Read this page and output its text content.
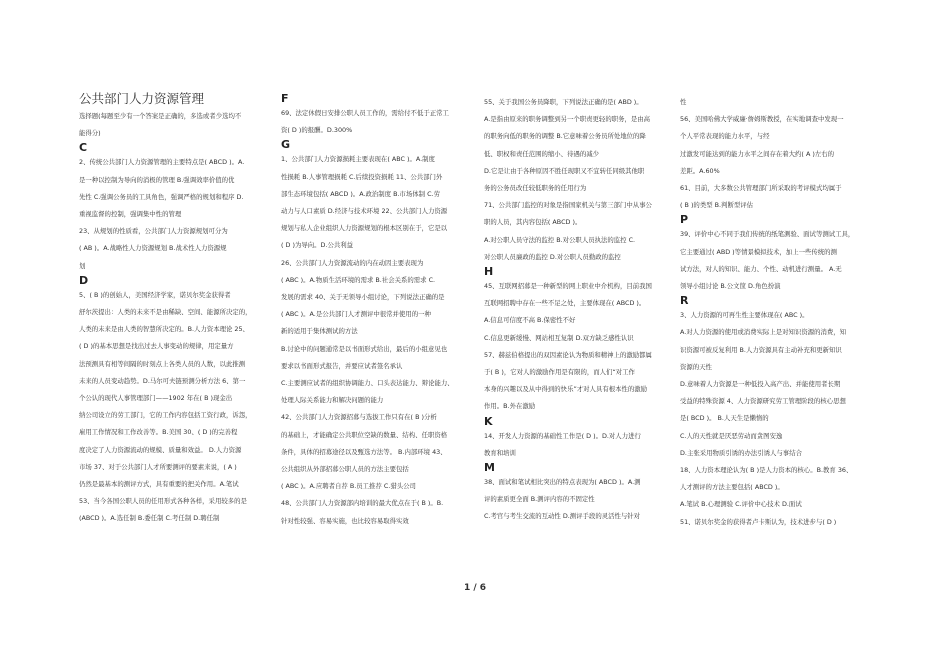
公共部门人力资源管理

选择题(每题至少有一个答案是正确的，多选或者少选均不

能得分)

C

2、传统公共部门人力资源管理的主要特点是( ABCD )。A.

是一种以控制为导向的消极的管理 B.强调效率价值的优

先性 C.强调公务员的工具角色，强调严格的规划和程序 D.

重视监督的控制，强调集中性的管理

23、从规划的性质看，公共部门人力资源规划可分为

( AB )。A.战略性人力资源规划 B.战术性人力资源规

划

D

5、( B )的创始人，美国经济学家，诺贝尔奖金获得者

舒尔茨提出：人类的未来不是由稀缺、空间、能源所决定的，

人类的未来是由人类的智慧所决定的。B.人力资本理论 25、

( D )的基本思想是找出过去人事变动的规律，用定量方

法预测具有相等间隔的时刻点上各类人员的人数，以此推测

未来的人员变动趋势。D.马尔可夫链预测分析方法 6、第一

个公认的现代人事管理部门——1902 年在( B )现金出

纳公司设立的劳工部门，它的工作内容包括工资行政，诉怨，

雇用工作情况和工作改善等。B.美国 30、( D )的完善程

度决定了人力资源流动的规模、质量和效益。 D.人力资源

市场 37、对于公共部门人才所要测评的要素来说，( A )

仍然是最基本的测评方式，具有重要的把关作用。A.笔试

53、当今各国公职人员的任用形式各种各样，采用较多的是

(ABCD )。A.选任制 B.委任制 C.考任制 D.聘任制

F

69、法定休假日安排公职人员工作的，需给付不低于正常工

资( D )的报酬。D.300%

G

1、公共部门人力资源损耗主要表现在( ABC )。A.制度

性损耗 B.人事管理损耗 C.后续投资损耗 11、公共部门外

部生态环境包括( ABCD )。A.政治制度 B.市场体制 C.劳

动力与人口素质 D.经济与技术环境 22、公共部门人力资源

规划与私人企业组织人力资源规划的根本区别在于，它是以

( D )为导向。D.公共利益

26、公共部门人力资源流动的内在动因主要表现为

( ABC )。A.物质生活环境的需求 B.社会关系的需求 C.

发展的需求 40、关于无领导小组讨论，下列说法正确的是

( ABC )。A.是公共部门人才测评中很常并使用的一种

新的适用于集体测试的方法

B.讨论中的问题通常是以书面形式给出，最后的小组意见也

要求以书面形式报告，并要应试者签名承认

C.主要测应试者的组织协调能力、口头表达能力、辩论能力、

处理人际关系能力和解决问题的能力

42、公共部门人力资源招募与选拔工作只有在( B )分析

的基础上，才能确定公共职位空缺的数量、结构、任职资格

条件，具体的招募途径以及甄选方法等。 B.内部环境 43、

公共组织从外部招募公职人员的方法主要包括

( ABC )。A.应聘者自荐 B.员工推荐 C.猎头公司

48、公共部门人力资源部内培训的最大优点在于( B )。B.

针对性较强、容易实施，也比较容易取得实效

55、关于我国公务员降职，下列说法正确的是( ABD )。

A.是指由原来的职务调整到另一个职责更轻的职务，是由高

的职务向低的职务的调整 B.它意味着公务员所处地位的降

低、职权和责任范围的缩小、待遇的减少

D.它是让由于各种原因不胜任现职又不宜转任同级其他职

务的公务员改任较低职务的任用行为

71、公共部门监控的对象是指国家机关与第三部门中从事公

职的人员，其内容包括( ABCD )。

A.对公职人员守法的监控 B.对公职人员执法的监控 C.

对公职人员廉政的监控 D.对公职人员勤政的监控

H

45、互联网招募是一种新型的网上职业中介机构，目前我国

互联网招聘中存在一些不足之处，主要体现在( ABCD )。

A.信息可信度不高 B.保密性不好

C.信息更新缓慢、网站相互复制 D.双方缺乏感性认识

57、赫兹伯格提出的双因素论认为物质和精神上的激励都属

于( B )，它对人的激励作用是有限的，而人们“对工作

本身的兴趣以及从中得到的快乐”才对人具有根本性的激励

作用。B.外在激励

K

14、开发人力资源的基础性工作是( D )。D.对人力进行

教育和培训

M

38、面试和笔试相比突出的特点表现为( ABCD )。A.测

评的素质更全面 B.测评内容的不固定性

C.考官与考生交流的互动性 D.测评手段的灵活性与针对

性

56、美国哈佛大学威廉·詹姆斯教授，在实地调查中发现一

个人平常表现的能力水平，与经

过激发可能达到的能力水平之间存在着大约( A )左右的

差距。A.60%

61、目前，大多数公共管理部门所采取的考评模式均属于

( B )的类型 B.判断型评估

P

39、评价中心不同于我们传统的纸笔测验、面试等测试工具，

它主要通过( ABD )等情景模拟技术，加上一些传统的测

试方法，对人的知识、能力、个性、动机进行测量。 A.无

领导小组讨论 B.公文筐 D.角色扮演

R

3、人力资源的可再生性主要体现在( ABC )。

A.对人力资源的使用或消费实际上是对知识资源的消费，知

识资源可被反复利用 B.人力资源具有主动补充和更新知识

资源的天性

D.意味着人力资源是一种低投入高产出、并能使用者长期

受益的特殊资源 4、人力资源研究劳工管理阶段的核心思想

是( BCD )。 B.人天生是懒惰的

C.人的天性就是厌恶劳动而贪图安逸

D.主张采用物质引诱的办法引诱人与事结合

18、人力资本理论认为( B )是人力资本的核心。B.教育 36、

人才测评的方法主要包括( ABCD )。

A.笔试 B.心理测验 C.评价中心技术 D.面试

51、诺贝尔奖金的获得者卢卡斯认为，技术进步与( D )

1 / 6
